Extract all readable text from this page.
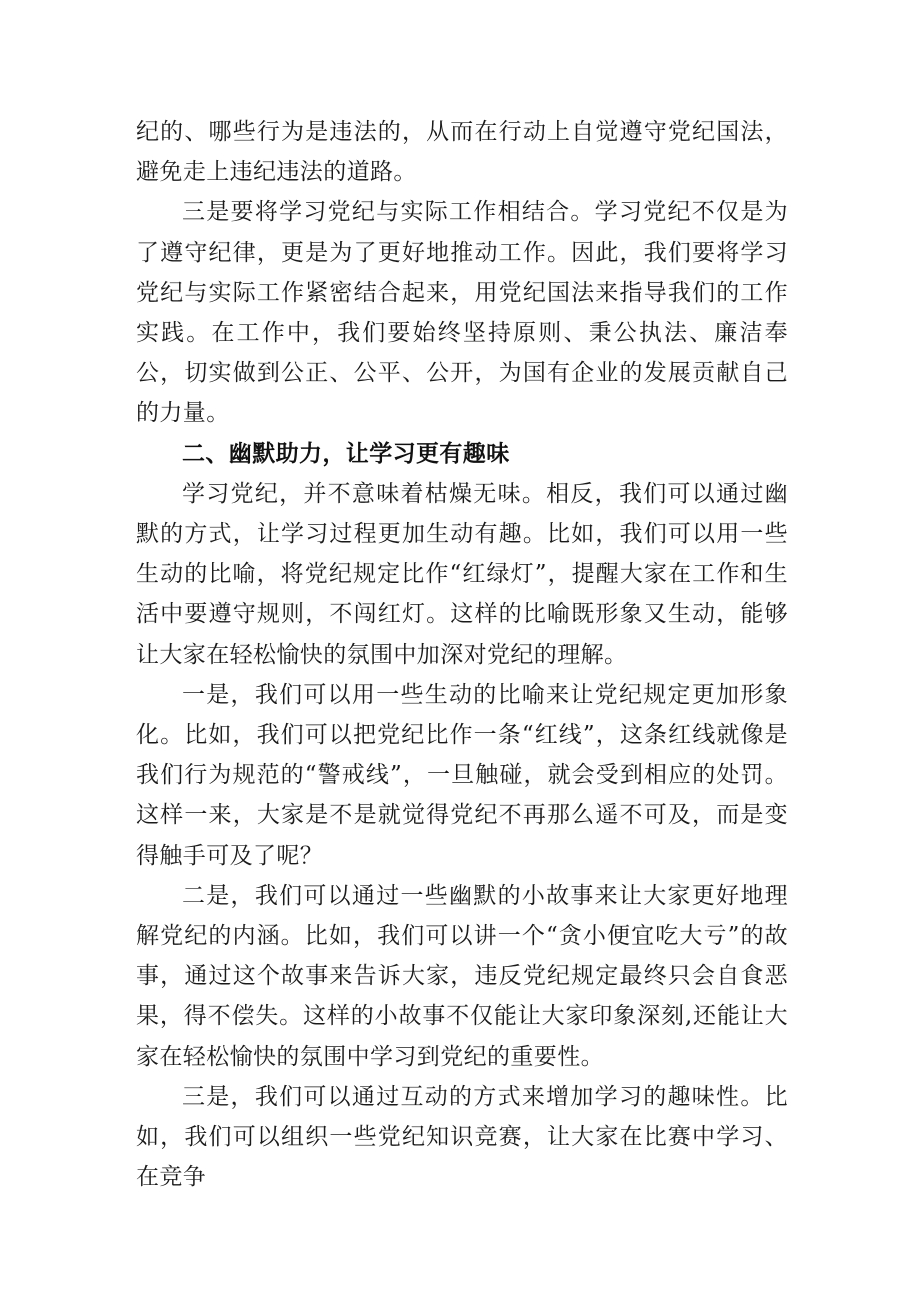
纪的、哪些行为是违法的，从而在行动上自觉遵守党纪国法，避免走上违纪违法的道路。

三是要将学习党纪与实际工作相结合。学习党纪不仅是为了遵守纪律，更是为了更好地推动工作。因此，我们要将学习党纪与实际工作紧密结合起来，用党纪国法来指导我们的工作实践。在工作中，我们要始终坚持原则、秉公执法、廉洁奉公，切实做到公正、公平、公开，为国有企业的发展贡献自己的力量。

二、幽默助力，让学习更有趣味

学习党纪，并不意味着枯燥无味。相反，我们可以通过幽默的方式，让学习过程更加生动有趣。比如，我们可以用一些生动的比喻，将党纪规定比作“红绿灯”，提醒大家在工作和生活中要遵守规则，不闯红灯。这样的比喻既形象又生动，能够让大家在轻松愉快的氛围中加深对党纪的理解。

一是，我们可以用一些生动的比喻来让党纪规定更加形象化。比如，我们可以把党纪比作一条“红线”，这条红线就像是我们行为规范的“警戒线”，一旦触碰，就会受到相应的处罚。这样一来，大家是不是就觉得党纪不再那么遥不可及，而是变得触手可及了呢？

二是，我们可以通过一些幽默的小故事来让大家更好地理解党纪的内涵。比如，我们可以讲一个“贪小便宜吃大亏”的故事，通过这个故事来告诉大家，违反党纪规定最终只会自食恶果，得不偿失。这样的小故事不仅能让大家印象深刻,还能让大家在轻松愉快的氛围中学习到党纪的重要性。

三是，我们可以通过互动的方式来增加学习的趣味性。比如，我们可以组织一些党纪知识竞赛，让大家在比赛中学习、在竞争
